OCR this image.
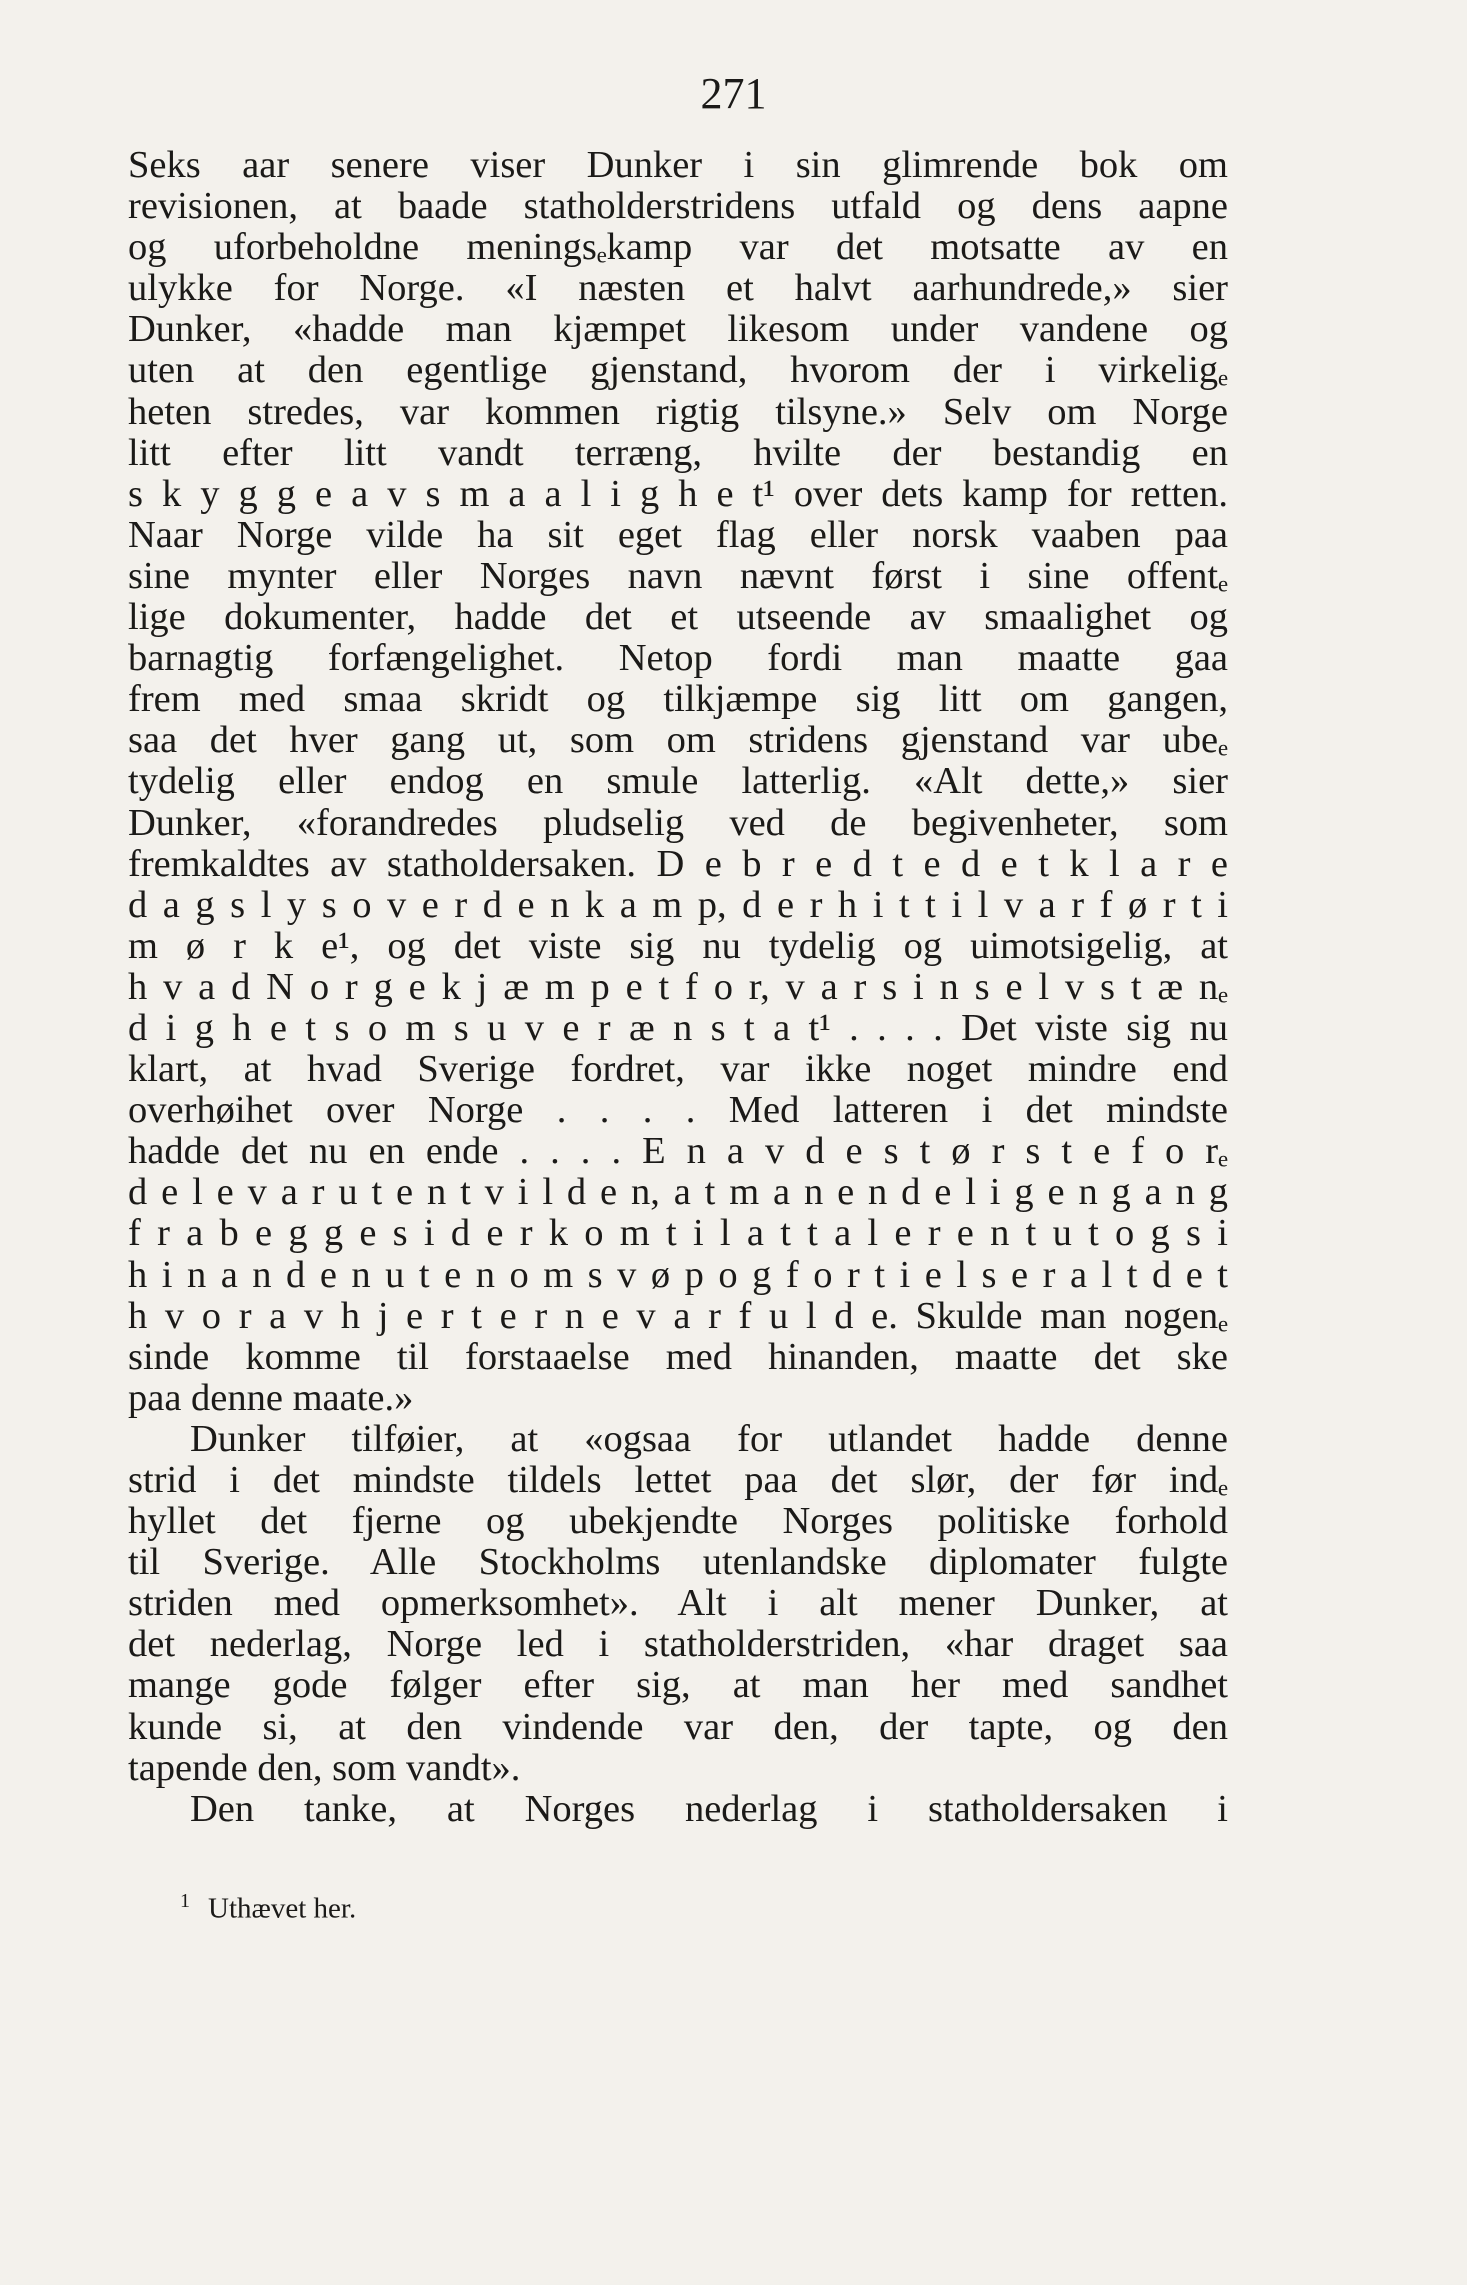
271
Seks aar senere viser Dunker i sin glimrende bok om
revisionen, at baade statholderstridens utfald og dens aapne
og uforbeholdne meningsₑkamp var det motsatte av en
ulykke for Norge. «I næsten et halvt aarhundrede,» sier
Dunker, «hadde man kjæmpet likesom under vandene og
uten at den egentlige gjenstand, hvorom der i virkeligₑ
heten stredes, var kommen rigtig tilsyne.» Selv om Norge
litt efter litt vandt terræng, hvilte der bestandig en
s k y g g e a v s m a a l i g h e t¹ over dets kamp for retten.
Naar Norge vilde ha sit eget flag eller norsk vaaben paa
sine mynter eller Norges navn nævnt først i sine offentₑ
lige dokumenter, hadde det et utseende av smaalighet og
barnagtig forfængelighet. Netop fordi man maatte gaa
frem med smaa skridt og tilkjæmpe sig litt om gangen,
saa det hver gang ut, som om stridens gjenstand var ubeₑ
tydelig eller endog en smule latterlig. «Alt dette,» sier
Dunker, «forandredes pludselig ved de begivenheter, som
fremkaldtes av statholdersaken. D e b r e d t e d e t k l a r e
d a g s l y s o v e r d e n k a m p, d e r h i t t i l v a r f ø r t i
m ø r k e¹, og det viste sig nu tydelig og uimotsigelig, at
h v a d N o r g e k j æ m p e t f o r, v a r s i n s e l v s t æ nₑ
d i g h e t s o m s u v e r æ n s t a t¹ . . . . Det viste sig nu
klart, at hvad Sverige fordret, var ikke noget mindre end
overhøihet over Norge . . . . Med latteren i det mindste
hadde det nu en ende . . . . E n a v d e s t ø r s t e f o rₑ
d e l e v a r u t e n t v i l d e n, a t m a n e n d e l i g e n g a n g
f r a b e g g e s i d e r k o m t i l a t t a l e r e n t u t o g s i
h i n a n d e n u t e n o m s v ø p o g f o r t i e l s e r a l t d e t
h v o r a v h j e r t e r n e v a r f u l d e. Skulde man nogenₑ
sinde komme til forstaaelse med hinanden, maatte det ske
paa denne maate.»
Dunker tilføier, at «ogsaa for utlandet hadde denne
strid i det mindste tildels lettet paa det slør, der før indₑ
hyllet det fjerne og ubekjendte Norges politiske forhold
til Sverige. Alle Stockholms utenlandske diplomater fulgte
striden med opmerksomhet». Alt i alt mener Dunker, at
det nederlag, Norge led i statholderstriden, «har draget saa
mange gode følger efter sig, at man her med sandhet
kunde si, at den vindende var den, der tapte, og den
tapende den, som vandt».
Den tanke, at Norges nederlag i statholdersaken i
$^1$ Uthævet her.
